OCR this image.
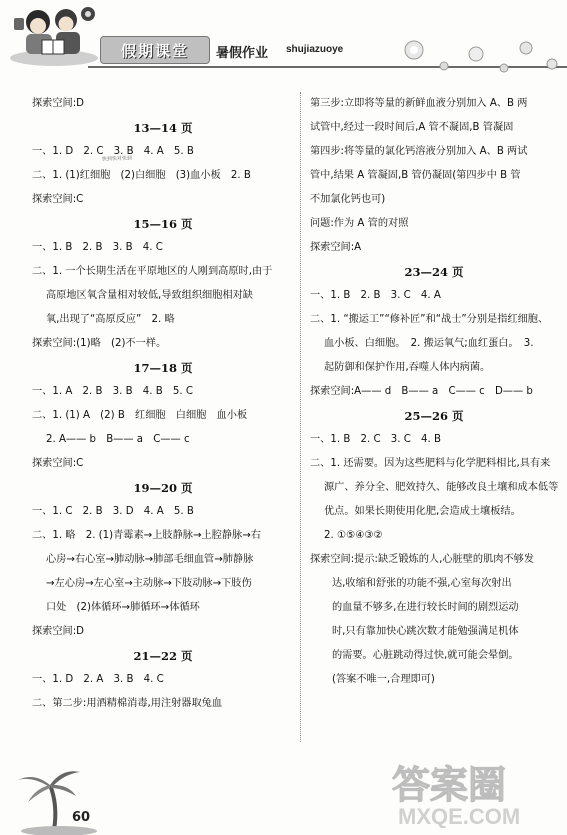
假期课堂	暑假作业 shujiazuoye
探索空间:D
13—14 页
一、1. D　2. C　3. B　4. A　5. B
二、1. (1)红细胞　(2)白细胞　(3)血小板　2. B
探索空间:C
15—16 页
一、1. B　2. B　3. B　4. C
二、1. 一个长期生活在平原地区的人刚到高原时,由于
高原地区氧含量相对较低,导致组织细胞相对缺
氧,出现了“高原反应”　2. 略
探索空间:(1)略　(2)不一样。
17—18 页
一、1. A　2. B　3. B　4. B　5. C
二、1. (1) A　(2) B　红细胞　白细胞　血小板
2. A—— b　B—— a　C—— c
探索空间:C
19—20 页
一、1. C　2. B　3. D　4. A　5. B
二、1. 略　2. (1)青霉素→上肢静脉→上腔静脉→右
心房→右心室→肺动脉→肺部毛细血管→肺静脉
→左心房→左心室→主动脉→下肢动脉→下肢伤
口处　(2)体循环→肺循环→体循环
探索空间:D
21—22 页
一、1. D　2. A　3. B　4. C
二、第二步:用酒精棉消毒,用注射器取兔血
第三步:立即将等量的新鲜血液分别加入 A、B 两
试管中,经过一段时间后,A 管不凝固,B 管凝固
第四步:将等量的氯化钙溶液分别加入 A、B 两试
管中,结果 A 管凝固,B 管仍凝固(第四步中 B 管
不加氯化钙也可)
问题:作为 A 管的对照
探索空间:A
23—24 页
一、1. B　2. B　3. C　4. A
二、1. “搬运工”“修补匠”和“战士”分别是指红细胞、
血小板、白细胞。　2. 搬运氧气;血红蛋白。　3.
起防御和保护作用,吞噬人体内病菌。
探索空间:A—— d　B—— a　C—— c　D—— b
25—26 页
一、1. B　2. C　3. C　4. B
二、1. 还需要。因为这些肥料与化学肥料相比,具有来
源广、养分全、肥效持久、能够改良土壤和成本低等
优点。如果长期使用化肥,会造成土壤板结。
2. ①⑤④③②
探索空间:提示:缺乏锻炼的人,心脏壁的肌肉不够发
达,收缩和舒张的功能不强,心室每次射出
的血量不够多,在进行较长时间的剧烈运动
时,只有靠加快心跳次数才能勉强满足机体
的需要。心脏跳动得过快,就可能会晕倒。
(答案不唯一,合理即可)
快到快对快到
60
答案圈
MXQE.COM
